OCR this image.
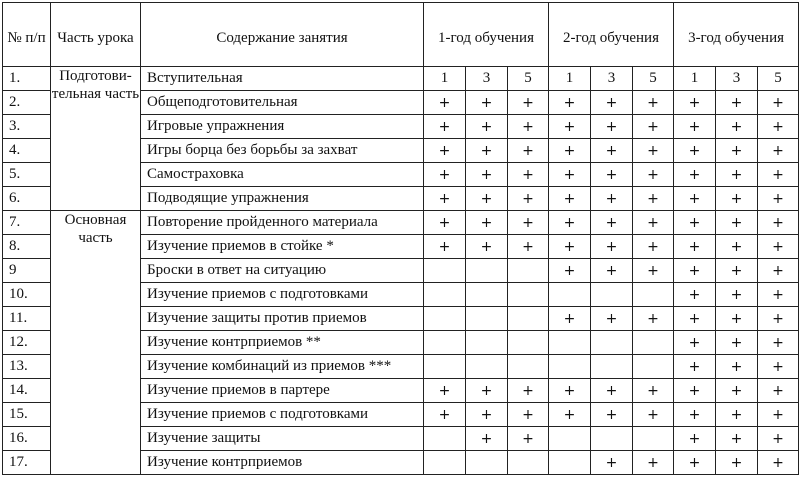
№ п/п	Часть урока	Содержание занятия	1-год обучения			2-год обучения			3-год обучения		
1.	Подготови-тельная часть	Вступительная	1	3	5	1	3	5	1	3	5
2.		Общеподготовительная	+	+	+	+	+	+	+	+	+
3.		Игровые упражнения	+	+	+	+	+	+	+	+	+
4.		Игры борца без борьбы за захват	+	+	+	+	+	+	+	+	+
5.		Самостраховка	+	+	+	+	+	+	+	+	+
6.		Подводящие упражнения	+	+	+	+	+	+	+	+	+
7.	Основная часть	Повторение пройденного материала	+	+	+	+	+	+	+	+	+
8.		Изучение приемов в стойке *	+	+	+	+	+	+	+	+	+
9		Броски в ответ на ситуацию				+	+	+	+	+	+
10.		Изучение приемов с подготовками							+	+	+
11.		Изучение защиты против приемов				+	+	+	+	+	+
12.		Изучение контрприемов **							+	+	+
13.		Изучение комбинаций из приемов ***							+	+	+
14.		Изучение приемов в партере	+	+	+	+	+	+	+	+	+
15.		Изучение приемов с подготовками	+	+	+	+	+	+	+	+	+
16.		Изучение защиты		+	+				+	+	+
17.		Изучение контрприемов					+	+	+	+	+
